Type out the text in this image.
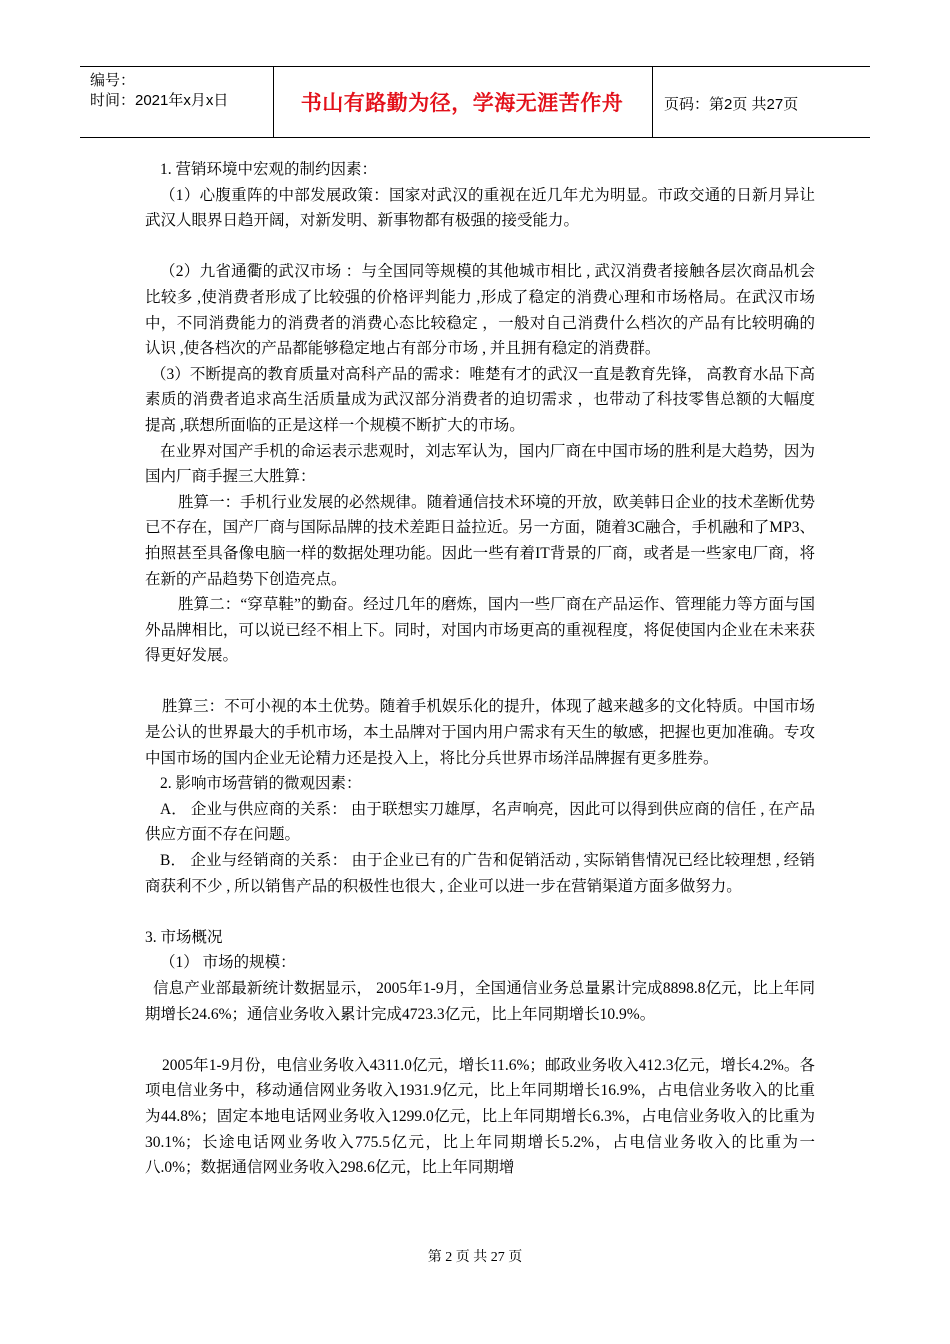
编号：
时间：2021年x月x日	书山有路勤为径，学海无涯苦作舟	页码：第2页 共27页

1. 营销环境中宏观的制约因素：

（1）心腹重阵的中部发展政策：国家对武汉的重视在近几年尤为明显。市政交通的日新月异让武汉人眼界日趋开阔，对新发明、新事物都有极强的接受能力。

（2）九省通衢的武汉市场 ：与全国同等规模的其他城市相比 , 武汉消费者接触各层次商品机会比较多 ,使消费者形成了比较强的价格评判能力 ,形成了稳定的消费心理和市场格局。在武汉市场中，不同消费能力的消费者的消费心态比较稳定 ，一般对自己消费什么档次的产品有比较明确的认识 ,使各档次的产品都能够稳定地占有部分市场 , 并且拥有稳定的消费群。

（3）不断提高的教育质量对高科产品的需求：唯楚有才的武汉一直是教育先锋， 高教育水品下高素质的消费者追求高生活质量成为武汉部分消费者的迫切需求 ，也带动了科技零售总额的大幅度提高 ,联想所面临的正是这样一个规模不断扩大的市场。

在业界对国产手机的命运表示悲观时，刘志军认为，国内厂商在中国市场的胜利是大趋势，因为国内厂商手握三大胜算：

胜算一：手机行业发展的必然规律。随着通信技术环境的开放，欧美韩日企业的技术垄断优势已不存在，国产厂商与国际品牌的技术差距日益拉近。另一方面，随着3C融合，手机融和了MP3、拍照甚至具备像电脑一样的数据处理功能。因此一些有着IT背景的厂商，或者是一些家电厂商，将在新的产品趋势下创造亮点。

胜算二：“穿草鞋”的勤奋。经过几年的磨炼，国内一些厂商在产品运作、管理能力等方面与国外品牌相比，可以说已经不相上下。同时，对国内市场更高的重视程度，将促使国内企业在未来获得更好发展。

胜算三：不可小视的本土优势。随着手机娱乐化的提升，体现了越来越多的文化特质。中国市场是公认的世界最大的手机市场，本土品牌对于国内用户需求有天生的敏感，把握也更加准确。专攻中国市场的国内企业无论精力还是投入上，将比分兵世界市场洋品牌握有更多胜券。

2. 影响市场营销的微观因素：

A． 企业与供应商的关系： 由于联想实刀雄厚，名声响亮，因此可以得到供应商的信任 , 在产品供应方面不存在问题。

B． 企业与经销商的关系： 由于企业已有的广告和促销活动 , 实际销售情况已经比较理想 , 经销商获利不少 , 所以销售产品的积极性也很大 , 企业可以进一步在营销渠道方面多做努力。

3. 市场概况

（1） 市场的规模：

信息产业部最新统计数据显示， 2005年1-9月，全国通信业务总量累计完成8898.8亿元，比上年同期增长24.6%；通信业务收入累计完成4723.3亿元，比上年同期增长10.9%。

2005年1-9月份，电信业务收入4311.0亿元，增长11.6%；邮政业务收入412.3亿元，增长4.2%。各项电信业务中，移动通信网业务收入1931.9亿元，比上年同期增长16.9%，占电信业务收入的比重为44.8%；固定本地电话网业务收入1299.0亿元，比上年同期增长6.3%，占电信业务收入的比重为30.1%；长途电话网业务收入775.5亿元，比上年同期增长5.2%，占电信业务收入的比重为一八.0%；数据通信网业务收入298.6亿元，比上年同期增

第 2 页 共 27 页
